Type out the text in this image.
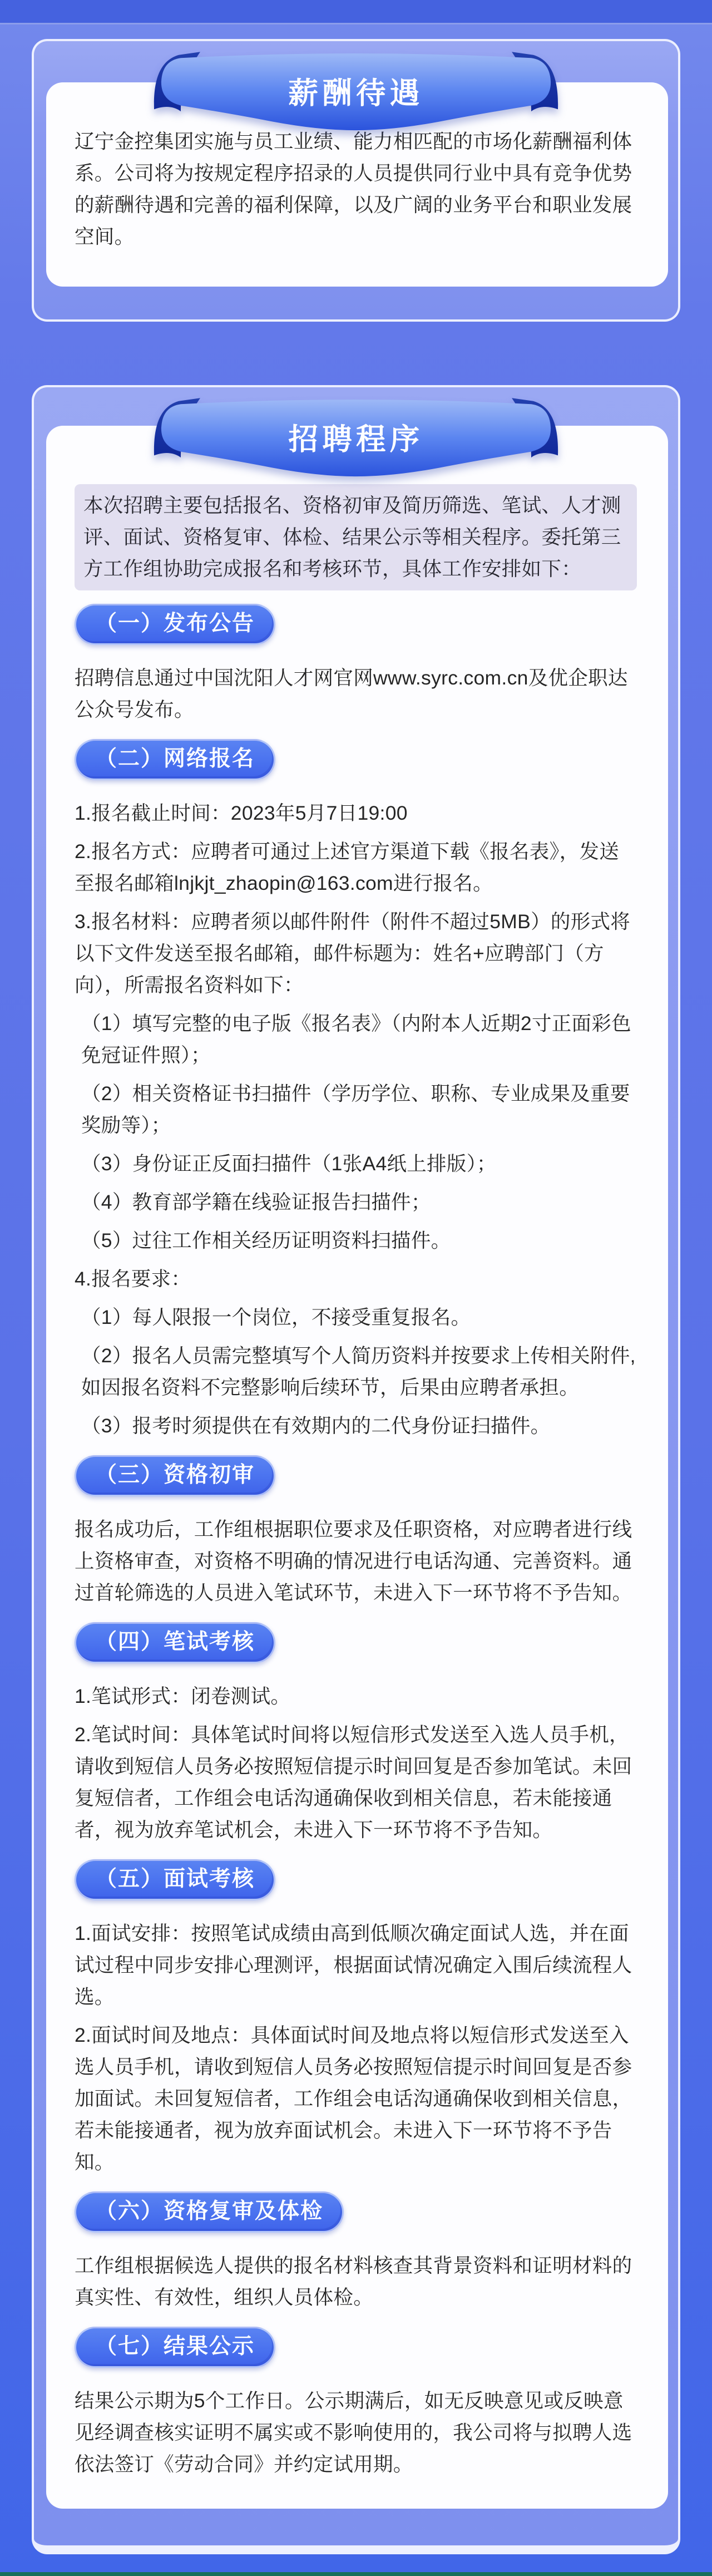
薪酬待遇

辽宁金控集团实施与员工业绩、能力相匹配的市场化薪酬福利体系。公司将为按规定程序招录的人员提供同行业中具有竞争优势的薪酬待遇和完善的福利保障，以及广阔的业务平台和职业发展空间。

招聘程序
本次招聘主要包括报名、资格初审及简历筛选、笔试、人才测评、面试、资格复审、体检、结果公示等相关程序。委托第三方工作组协助完成报名和考核环节，具体工作安排如下：
（一）发布公告

招聘信息通过中国沈阳人才网官网www.syrc.com.cn及优企职达公众号发布。

（二）网络报名

1.报名截止时间：2023年5月7日19:00

2.报名方式：应聘者可通过上述官方渠道下载《报名表》，发送至报名邮箱lnjkjt_zhaopin@163.com进行报名。

3.报名材料：应聘者须以邮件附件（附件不超过5MB）的形式将以下文件发送至报名邮箱，邮件标题为：姓名+应聘部门（方向），所需报名资料如下：

（1）填写完整的电子版《报名表》（内附本人近期2寸正面彩色免冠证件照）；

（2）相关资格证书扫描件（学历学位、职称、专业成果及重要奖励等）；

（3）身份证正反面扫描件（1张A4纸上排版）；

（4）教育部学籍在线验证报告扫描件；

（5）过往工作相关经历证明资料扫描件。

4.报名要求：

（1）每人限报一个岗位，不接受重复报名。

（2）报名人员需完整填写个人简历资料并按要求上传相关附件,如因报名资料不完整影响后续环节，后果由应聘者承担。

（3）报考时须提供在有效期内的二代身份证扫描件。

（三）资格初审

报名成功后，工作组根据职位要求及任职资格，对应聘者进行线上资格审查，对资格不明确的情况进行电话沟通、完善资料。通过首轮筛选的人员进入笔试环节，未进入下一环节将不予告知。

（四）笔试考核

1.笔试形式：闭卷测试。

2.笔试时间：具体笔试时间将以短信形式发送至入选人员手机，请收到短信人员务必按照短信提示时间回复是否参加笔试。未回复短信者，工作组会电话沟通确保收到相关信息，若未能接通者，视为放弃笔试机会，未进入下一环节将不予告知。

（五）面试考核

1.面试安排：按照笔试成绩由高到低顺次确定面试人选，并在面试过程中同步安排心理测评，根据面试情况确定入围后续流程人选。

2.面试时间及地点：具体面试时间及地点将以短信形式发送至入选人员手机，请收到短信人员务必按照短信提示时间回复是否参加面试。未回复短信者，工作组会电话沟通确保收到相关信息，若未能接通者，视为放弃面试机会。未进入下一环节将不予告知。

（六）资格复审及体检

工作组根据候选人提供的报名材料核查其背景资料和证明材料的真实性、有效性，组织人员体检。

（七）结果公示

结果公示期为5个工作日。公示期满后，如无反映意见或反映意见经调查核实证明不属实或不影响使用的，我公司将与拟聘人选依法签订《劳动合同》并约定试用期。
